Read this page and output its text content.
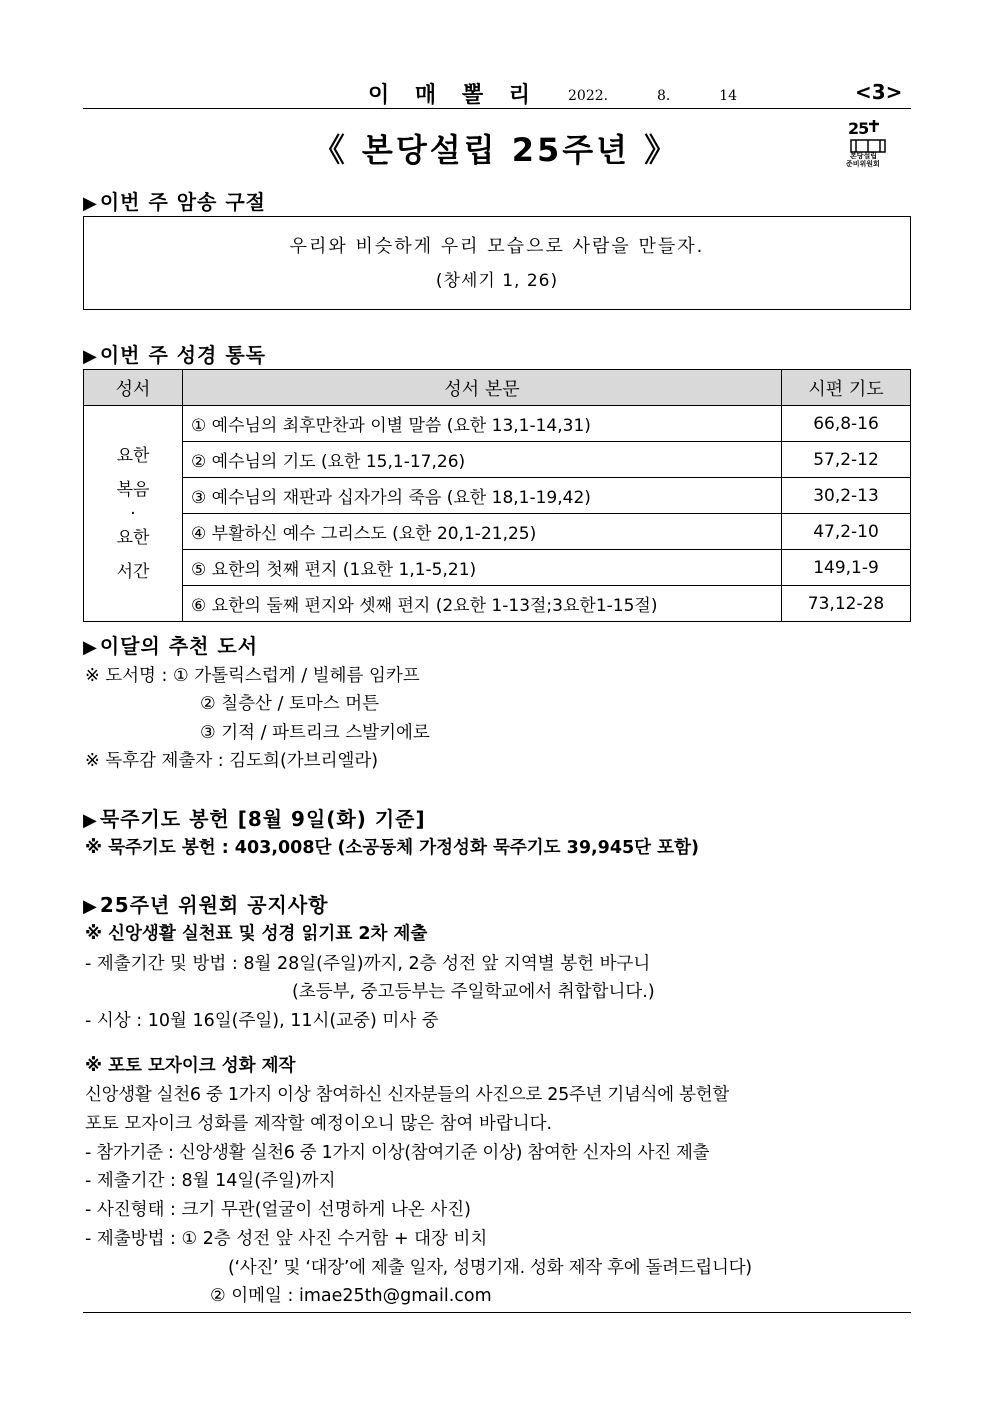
이 매 뽈 리 2022.	8.	14	<3>
《 본당설립 25주년 》
25
본당설립
준비위원회
▶ 이번 주 암송 구절
우리와 비슷하게 우리 모습으로 사람을 만들자.
(창세기 1, 26)
▶ 이번 주 성경 통독
성서	성서 본문	시편 기도

요한
복음
·
요한
서간	① 예수님의 최후만찬과 이별 말씀 (요한 13,1-14,31)	66,8-16
	② 예수님의 기도 (요한 15,1-17,26)	57,2-12
	③ 예수님의 재판과 십자가의 죽음 (요한 18,1-19,42)	30,2-13
	④ 부활하신 예수 그리스도 (요한 20,1-21,25)	47,2-10
	⑤ 요한의 첫째 편지 (1요한 1,1-5,21)	149,1-9
	⑥ 요한의 둘째 편지와 셋째 편지 (2요한 1-13절;3요한1-15절)	73,12-28
▶ 이달의 추천 도서
※ 도서명 : ① 가톨릭스럽게 / 빌헤름 임카프
② 칠층산 / 토마스 머튼
③ 기적 / 파트리크 스발키에로
※ 독후감 제출자 : 김도희(가브리엘라)
▶ 묵주기도 봉헌 [8월 9일(화) 기준]
※ 묵주기도 봉헌 : 403,008단 (소공동체 가정성화 묵주기도 39,945단 포함)
▶ 25주년 위원회 공지사항
※ 신앙생활 실천표 및 성경 읽기표 2차 제출
- 제출기간 및 방법 : 8월 28일(주일)까지, 2층 성전 앞 지역별 봉헌 바구니
(초등부, 중고등부는 주일학교에서 취합합니다.)
- 시상 : 10월 16일(주일), 11시(교중) 미사 중
※ 포토 모자이크 성화 제작
신앙생활 실천6 중 1가지 이상 참여하신 신자분들의 사진으로 25주년 기념식에 봉헌할
포토 모자이크 성화를 제작할 예정이오니 많은 참여 바랍니다.
- 참가기준 : 신앙생활 실천6 중 1가지 이상(참여기준 이상) 참여한 신자의 사진 제출
- 제출기간 : 8월 14일(주일)까지
- 사진형태 : 크기 무관(얼굴이 선명하게 나온 사진)
- 제출방법 : ① 2층 성전 앞 사진 수거함 + 대장 비치
(‘사진’ 및 ‘대장’에 제출 일자, 성명기재. 성화 제작 후에 돌려드립니다)
② 이메일 : imae25th@gmail.com
